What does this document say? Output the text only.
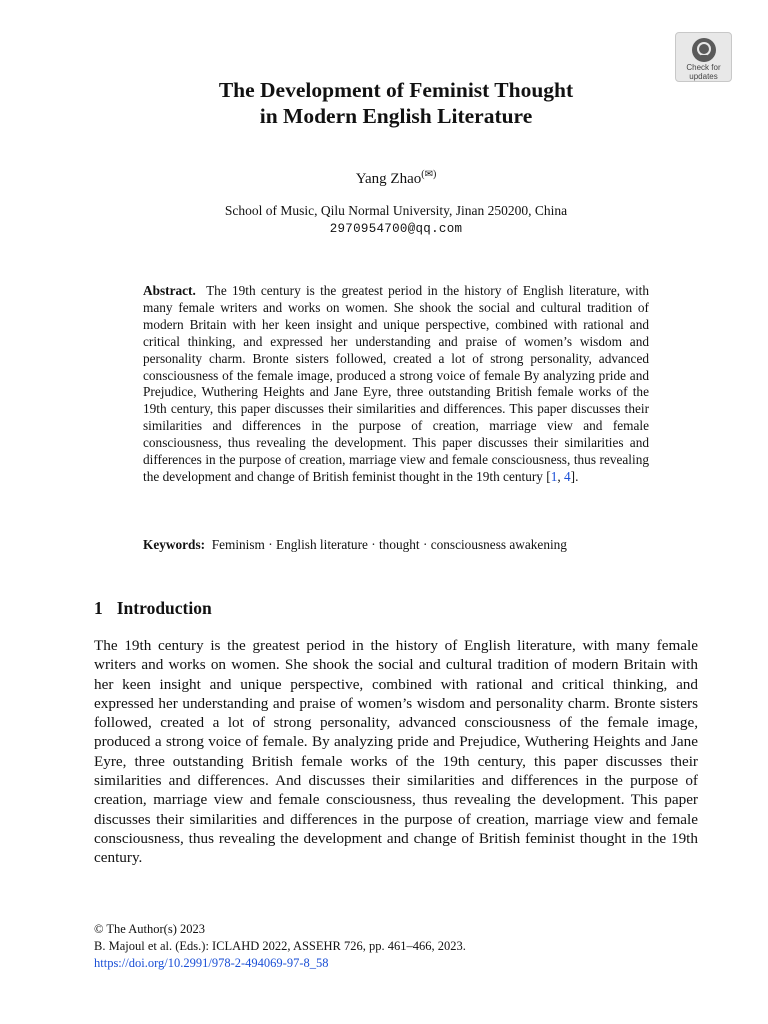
Check for
updates
The Development of Feminist Thought
in Modern English Literature
Yang Zhao(✉)
School of Music, Qilu Normal University, Jinan 250200, China
2970954700@qq.com
Abstract. The 19th century is the greatest period in the history of English literature, with many female writers and works on women. She shook the social and cultural tradition of modern Britain with her keen insight and unique perspective, combined with rational and critical thinking, and expressed her understanding and praise of women’s wisdom and personality charm. Bronte sisters followed, created a lot of strong personality, advanced consciousness of the female image, produced a strong voice of female By analyzing pride and Prejudice, Wuthering Heights and Jane Eyre, three outstanding British female works of the 19th century, this paper discusses their similarities and differences. This paper discusses their similarities and differences in the purpose of creation, marriage view and female consciousness, thus revealing the development. This paper discusses their similarities and differences in the purpose of creation, marriage view and female consciousness, thus revealing the development and change of British feminist thought in the 19th century [1, 4].
Keywords: Feminism · English literature · thought · consciousness awakening
1 Introduction
The 19th century is the greatest period in the history of English literature, with many female writers and works on women. She shook the social and cultural tradition of modern Britain with her keen insight and unique perspective, combined with rational and critical thinking, and expressed her understanding and praise of women’s wisdom and personality charm. Bronte sisters followed, created a lot of strong personality, advanced consciousness of the female image, produced a strong voice of female. By analyzing pride and Prejudice, Wuthering Heights and Jane Eyre, three outstanding British female works of the 19th century, this paper discusses their similarities and differences. And discusses their similarities and differences in the purpose of creation, marriage view and female consciousness, thus revealing the development. This paper discusses their similarities and differences in the purpose of creation, marriage view and female consciousness, thus revealing the development and change of British feminist thought in the 19th century.
© The Author(s) 2023
B. Majoul et al. (Eds.): ICLAHD 2022, ASSEHR 726, pp. 461–466, 2023.
https://doi.org/10.2991/978-2-494069-97-8_58
